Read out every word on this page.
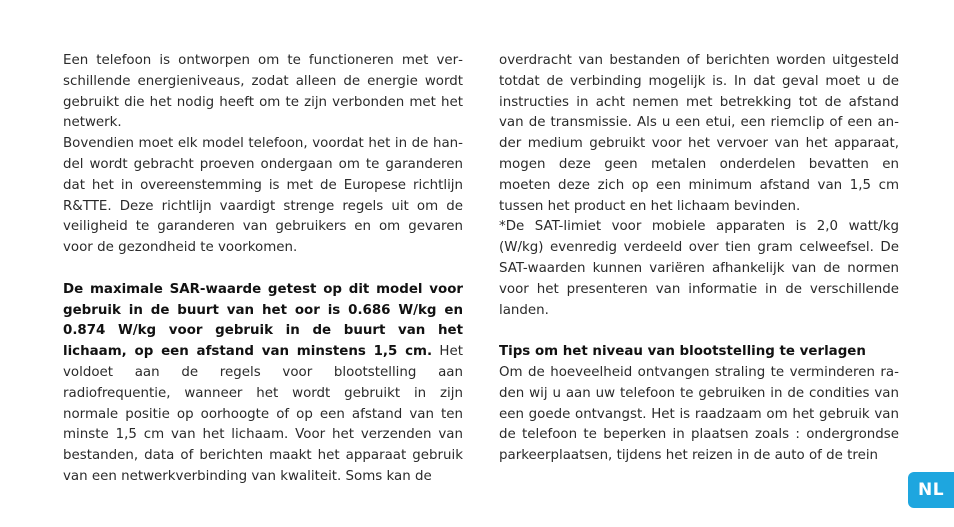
Een telefoon is ontworpen om te functioneren met verschillende energieniveaus, zodat alleen de energie wordt gebruikt die het nodig heeft om te zijn verbonden met het netwerk.

Bovendien moet elk model telefoon, voordat het in de handel wordt gebracht proeven ondergaan om te garanderen dat het in overeenstemming is met de Europese richtlijn R&TTE. Deze richtlijn vaardigt strenge regels uit om de veiligheid te garanderen van gebruikers en om gevaren voor de gezondheid te voorkomen.

De maximale SAR-waarde getest op dit model voor gebruik in de buurt van het oor is 0.686 W/kg en 0.874 W/kg voor gebruik in de buurt van het lichaam, op een afstand van minstens 1,5 cm. Het voldoet aan de regels voor blootstelling aan radiofrequentie, wanneer het wordt gebruikt in zijn normale positie op oorhoogte of op een afstand van ten minste 1,5 cm van het lichaam. Voor het verzenden van bestanden, data of berichten maakt het apparaat gebruik van een netwerkverbinding van kwaliteit. Soms kan de

overdracht van bestanden of berichten worden uitgesteld totdat de verbinding mogelijk is. In dat geval moet u de instructies in acht nemen met betrekking tot de afstand van de transmissie. Als u een etui, een riemclip of een ander medium gebruikt voor het vervoer van het apparaat, mogen deze geen metalen onderdelen bevatten en moeten deze zich op een minimum afstand van 1,5 cm tussen het product en het lichaam bevinden.

*De SAT-limiet voor mobiele apparaten is 2,0 watt/kg (W/kg) evenredig verdeeld over tien gram celweefsel. De SAT-waarden kunnen variëren afhankelijk van de normen voor het presenteren van informatie in de verschillende landen.

Tips om het niveau van blootstelling te verlagen

Om de hoeveelheid ontvangen straling te verminderen raden wij u aan uw telefoon te gebruiken in de condities van een goede ontvangst. Het is raadzaam om het gebruik van de telefoon te beperken in plaatsen zoals : ondergrondse parkeerplaatsen, tijdens het reizen in de auto of de trein

NL
